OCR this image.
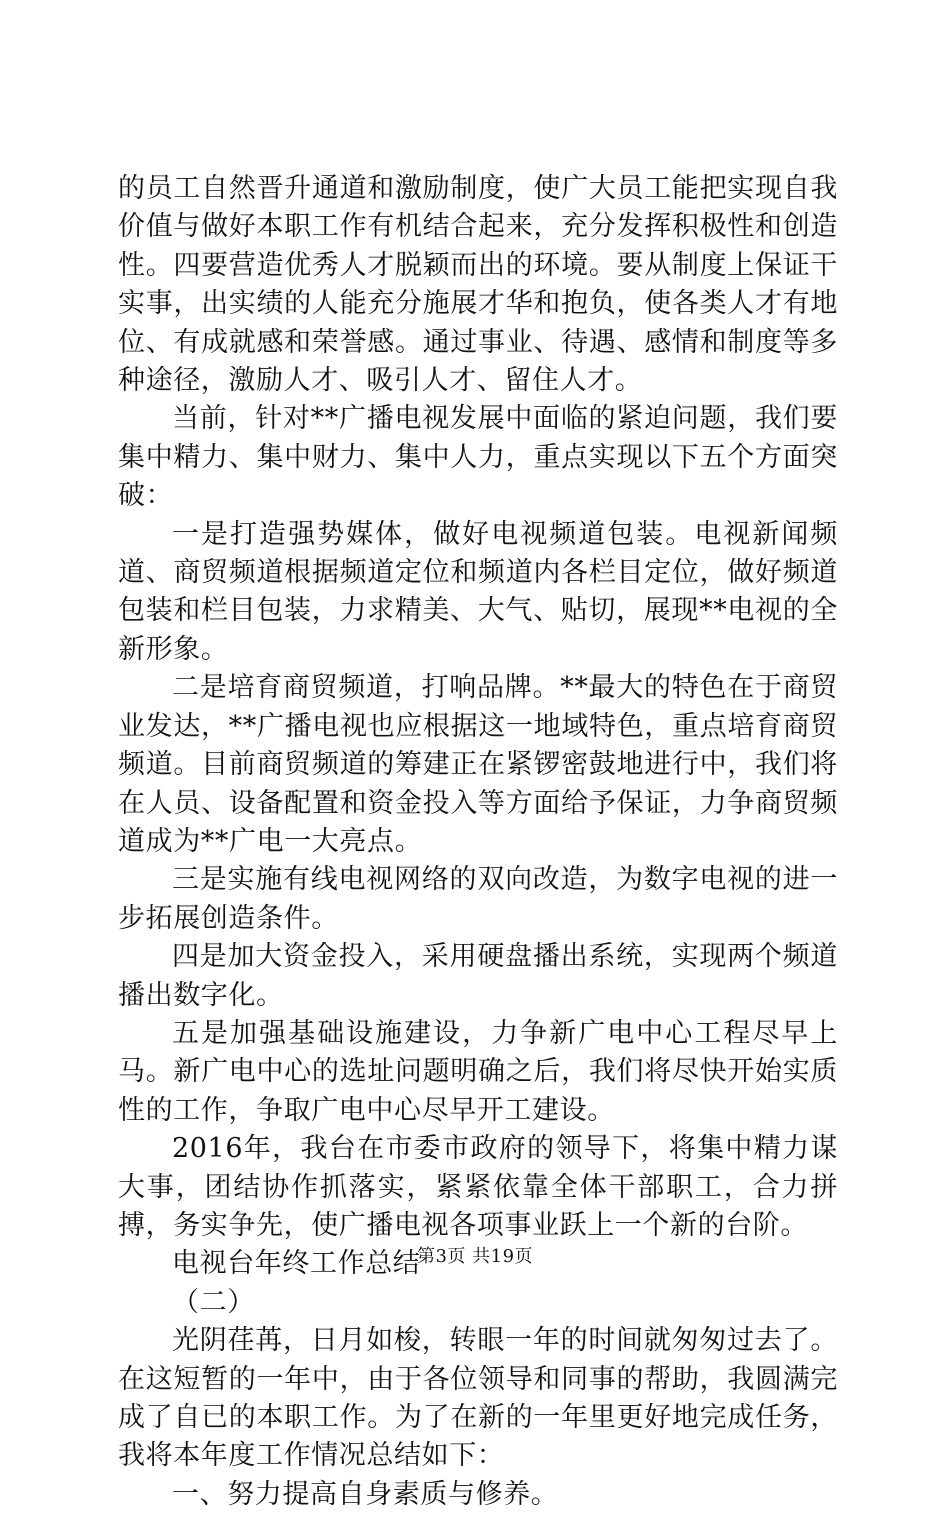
的员工自然晋升通道和激励制度，使广大员工能把实现自我价值与做好本职工作有机结合起来，充分发挥积极性和创造性。四要营造优秀人才脱颖而出的环境。要从制度上保证干实事，出实绩的人能充分施展才华和抱负，使各类人才有地位、有成就感和荣誉感。通过事业、待遇、感情和制度等多种途径，激励人才、吸引人才、留住人才。

当前，针对**广播电视发展中面临的紧迫问题，我们要集中精力、集中财力、集中人力，重点实现以下五个方面突破：

一是打造强势媒体，做好电视频道包装。电视新闻频道、商贸频道根据频道定位和频道内各栏目定位，做好频道包装和栏目包装，力求精美、大气、贴切，展现**电视的全新形象。

二是培育商贸频道，打响品牌。**最大的特色在于商贸业发达，**广播电视也应根据这一地域特色，重点培育商贸频道。目前商贸频道的筹建正在紧锣密鼓地进行中，我们将在人员、设备配置和资金投入等方面给予保证，力争商贸频道成为**广电一大亮点。

三是实施有线电视网络的双向改造，为数字电视的进一步拓展创造条件。

四是加大资金投入，采用硬盘播出系统，实现两个频道播出数字化。

五是加强基础设施建设，力争新广电中心工程尽早上马。新广电中心的选址问题明确之后，我们将尽快开始实质性的工作，争取广电中心尽早开工建设。

2016年，我台在市委市政府的领导下，将集中精力谋大事，团结协作抓落实，紧紧依靠全体干部职工，合力拼搏，务实争先，使广播电视各项事业跃上一个新的台阶。

电视台年终工作总结

（二）

光阴荏苒，日月如梭，转眼一年的时间就匆匆过去了。在这短暂的一年中，由于各位领导和同事的帮助，我圆满完成了自已的本职工作。为了在新的一年里更好地完成任务，我将本年度工作情况总结如下：

一、努力提高自身素质与修养。

第3页 共19页
